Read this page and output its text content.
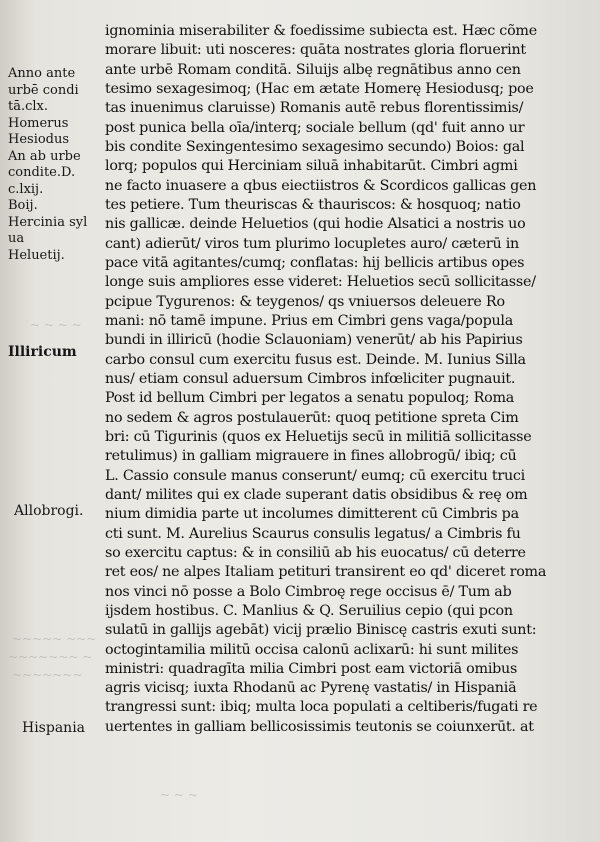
~ ~ ~ ~
~~~~~ ~~~
~~~~~~~ ~
~~~~~~~
~ ~ ~
Anno ante
urbē condi
tā.clx.
Homerus
Hesiodus
An ab urbe
condite.D.
c.lxij.
Boij.
Hercinia syl
ua
Heluetij.
Illiricum
Allobrogi.
Hispania
ignominia miserabiliter & foedissime subiecta est. Hæc cõme
morare libuit: uti nosceres: quāta nostrates gloria floruerint
ante urbē Romam conditā. Siluijs albę regnātibus anno cen
tesimo sexagesimoq; (Hac em ætate Homerę Hesiodusq; poe
tas inuenimus claruisse) Romanis autē rebus florentissimis/
post punica bella oīa/interq; sociale bellum (qd' fuit anno ur
bis condite Sexingentesimo sexagesimo secundo) Boios: gal
lorq; populos qui Herciniam siluā inhabitarūt. Cimbri agmi
ne facto inuasere a qbus eiectiistros & Scordicos gallicas gen
tes petiere. Tum theuriscas & thauriscos: & hosquoq; natio
nis gallicæ. deinde Heluetios (qui hodie Alsatici a nostris uo
cant) adierūt/ viros tum plurimo locupletes auro/ cæterū in
pace vitā agitantes/cumq; conflatas: hij bellicis artibus opes
longe suis ampliores esse videret: Heluetios secū sollicitasse/
pcipue Tygurenos: & teygenos/ qs vniuersos deleuere Ro
mani: nō tamē impune. Prius em Cimbri gens vaga/popula
bundi in illiricū (hodie Sclauoniam) venerūt/ ab his Papirius
carbo consul cum exercitu fusus est. Deinde. M. Iunius Silla
nus/ etiam consul aduersum Cimbros infœliciter pugnauit.
Post id bellum Cimbri per legatos a senatu populoq; Roma
no sedem & agros postulauerūt: quoq petitione spreta Cim
bri: cū Tigurinis (quos ex Heluetijs secū in militiā sollicitasse
retulimus) in galliam migrauere in fines allobrogū/ ibiq; cū
L. Cassio consule manus conserunt/ eumq; cū exercitu truci
dant/ milites qui ex clade superant datis obsidibus & reę om
nium dimidia parte ut incolumes dimitterent cū Cimbris pa
cti sunt. M. Aurelius Scaurus consulis legatus/ a Cimbris fu
so exercitu captus: & in consiliū ab his euocatus/ cū deterre
ret eos/ ne alpes Italiam petituri transirent eo qd' diceret roma
nos vinci nō posse a Bolo Cimbroę rege occisus ē/ Tum ab
ijsdem hostibus. C. Manlius & Q. Seruilius cepio (qui pcon
sulatū in gallijs agebāt) vicij prælio Biniscę castris exuti sunt:
octogintamilia militū occisa calonū aclixarū: hi sunt milites
ministri: quadragīta milia Cimbri post eam victoriā omibus
agris vicisq; iuxta Rhodanū ac Pyrenę vastatis/ in Hispaniā
trangressi sunt: ibiq; multa loca populati a celtiberis/fugati re
uertentes in galliam bellicosissimis teutonis se coiunxerūt. at
